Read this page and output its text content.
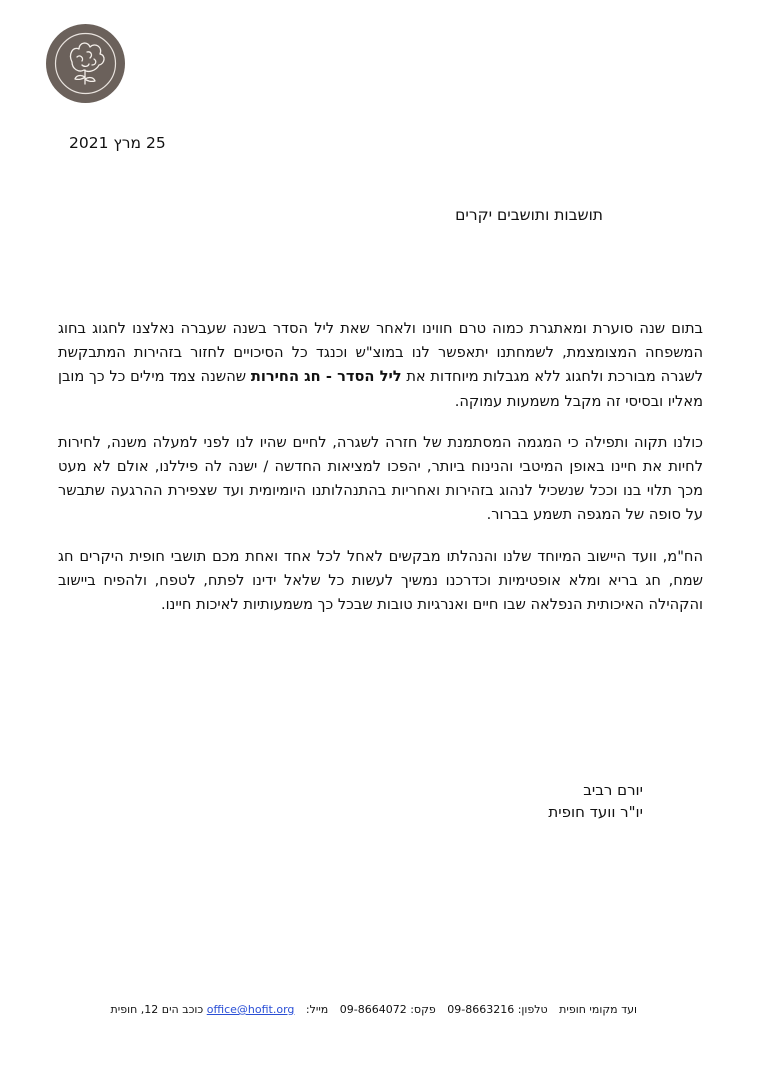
25 מרץ 2021
תושבות ותושבים יקרים

בתום שנה סוערת ומאתגרת כמוה טרם חווינו ולאחר שאת ליל הסדר בשנה שעברה נאלצנו לחגוג בחוג המשפחה המצומצמת, לשמחתנו יתאפשר לנו במוצ"ש וכנגד כל הסיכויים לחזור בזהירות המתבקשת לשגרה מבורכת ולחגוג ללא מגבלות מיוחדות את ליל הסדר - חג החירות שהשנה צמד מילים כל כך מובן מאליו ובסיסי זה מקבל משמעות עמוקה.

כולנו תקוה ותפילה כי המגמה המסתמנת של חזרה לשגרה, לחיים שהיו לנו לפני למעלה משנה, לחירות לחיות את חיינו באופן המיטבי והנינוח ביותר, יהפכו למציאות החדשה / ישנה לה פיללנו, אולם לא מעט מכך תלוי בנו וככל שנשכיל לנהוג בזהירות ואחריות בהתנהלותנו היומיומית ועד שצפירת ההרגעה שתבשר על סופה של המגפה תשמע בברור.

הח"מ, וועד היישוב המיוחד שלנו והנהלתו מבקשים לאחל לכל אחד ואחת מכם תושבי חופית היקרים חג שמח, חג בריא ומלא אופטימיות וכדרכנו נמשיך לעשות כל שלאל ידינו לפתח, לטפח, ולהפיח ביישוב והקהילה האיכותית הנפלאה שבו חיים ואנרגיות טובות שבכל כך משמעותיות לאיכות חיינו.

יורם רביב
יו"ר וועד חופית
ועד מקומי חופית טלפון: 09-8663216 פקס: 09-8664072 מייל: office@hofit.org כוכב הים 12, חופית
